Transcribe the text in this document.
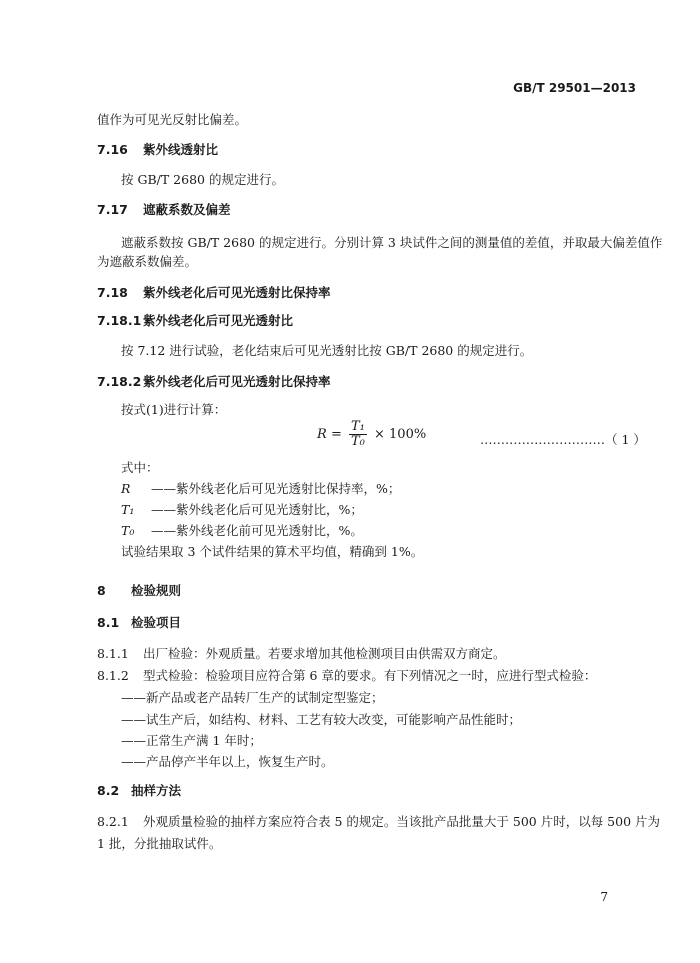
GB/T 29501—2013
值作为可见光反射比偏差。
7.16 紫外线透射比
按 GB/T 2680 的规定进行。
7.17 遮蔽系数及偏差
遮蔽系数按 GB/T 2680 的规定进行。分别计算 3 块试件之间的测量值的差值，并取最大偏差值作
为遮蔽系数偏差。
7.18 紫外线老化后可见光透射比保持率
7.18.1 紫外线老化后可见光透射比
按 7.12 进行试验，老化结束后可见光透射比按 GB/T 2680 的规定进行。
7.18.2 紫外线老化后可见光透射比保持率
按式(1)进行计算：
$R = \frac{\text{T₁}}{\text{T₀}} \times 100\%$	…………………………（ 1 ）
式中：
R ——紫外线老化后可见光透射比保持率，%；
T₁ ——紫外线老化后可见光透射比，%；
T₀ ——紫外线老化前可见光透射比，%。
试验结果取 3 个试件结果的算术平均值，精确到 1%。
8 检验规则
8.1 检验项目
8.1.1 出厂检验：外观质量。若要求增加其他检测项目由供需双方商定。
8.1.2 型式检验：检验项目应符合第 6 章的要求。有下列情况之一时，应进行型式检验：
——新产品或老产品转厂生产的试制定型鉴定；
——试生产后，如结构、材料、工艺有较大改变，可能影响产品性能时；
——正常生产满 1 年时；
——产品停产半年以上，恢复生产时。
8.2 抽样方法
8.2.1 外观质量检验的抽样方案应符合表 5 的规定。当该批产品批量大于 500 片时，以每 500 片为
1 批，分批抽取试件。
7
